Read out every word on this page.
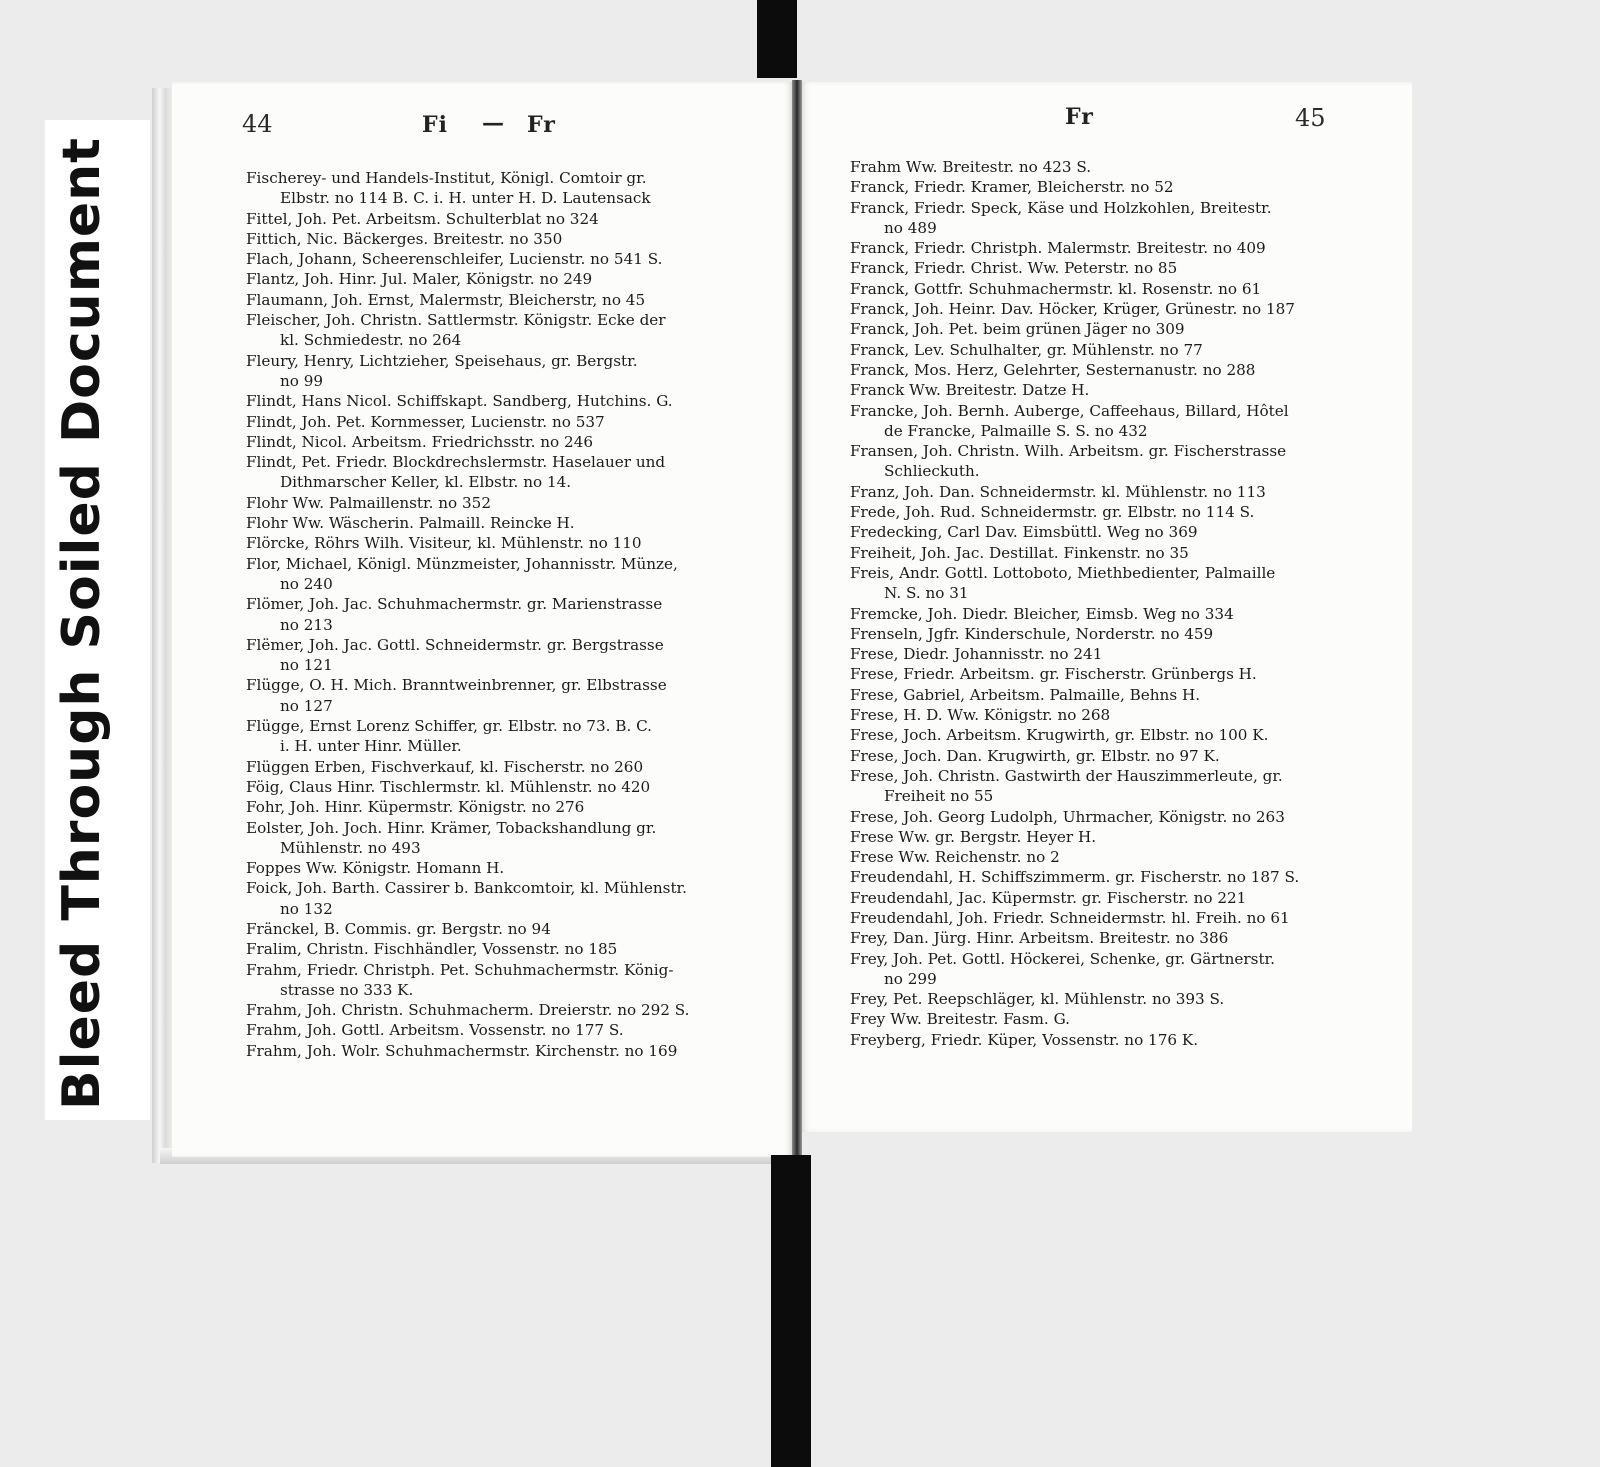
Bleed Through Soiled Document
44	Fi — Fr
Fischerey- und Handels-Institut, Königl. Comtoir gr.
Elbstr. no 114 B. C. i. H. unter H. D. Lautensack
Fittel, Joh. Pet. Arbeitsm. Schulterblat no 324
Fittich, Nic. Bäckerges. Breitestr. no 350
Flach, Johann, Scheerenschleifer, Lucienstr. no 541 S.
Flantz, Joh. Hinr. Jul. Maler, Königstr. no 249
Flaumann, Joh. Ernst, Malermstr, Bleicherstr, no 45
Fleischer, Joh. Christn. Sattlermstr. Königstr. Ecke der
kl. Schmiedestr. no 264
Fleury, Henry, Lichtzieher, Speisehaus, gr. Bergstr.
no 99
Flindt, Hans Nicol. Schiffskapt. Sandberg, Hutchins. G.
Flindt, Joh. Pet. Kornmesser, Lucienstr. no 537
Flindt, Nicol. Arbeitsm. Friedrichsstr. no 246
Flindt, Pet. Friedr. Blockdrechslermstr. Haselauer und
Dithmarscher Keller, kl. Elbstr. no 14.
Flohr Ww. Palmaillenstr. no 352
Flohr Ww. Wäscherin. Palmaill. Reincke H.
Flörcke, Röhrs Wilh. Visiteur, kl. Mühlenstr. no 110
Flor, Michael, Königl. Münzmeister, Johannisstr. Münze,
no 240
Flömer, Joh. Jac. Schuhmachermstr. gr. Marienstrasse
no 213
Flëmer, Joh. Jac. Gottl. Schneidermstr. gr. Bergstrasse
no 121
Flügge, O. H. Mich. Branntweinbrenner, gr. Elbstrasse
no 127
Flügge, Ernst Lorenz Schiffer, gr. Elbstr. no 73. B. C.
i. H. unter Hinr. Müller.
Flüggen Erben, Fischverkauf, kl. Fischerstr. no 260
Föig, Claus Hinr. Tischlermstr. kl. Mühlenstr. no 420
Fohr, Joh. Hinr. Küpermstr. Königstr. no 276
Eolster, Joh. Joch. Hinr. Krämer, Tobackshandlung gr.
Mühlenstr. no 493
Foppes Ww. Königstr. Homann H.
Foick, Joh. Barth. Cassirer b. Bankcomtoir, kl. Mühlenstr.
no 132
Fränckel, B. Commis. gr. Bergstr. no 94
Fralim, Christn. Fischhändler, Vossenstr. no 185
Frahm, Friedr. Christph. Pet. Schuhmachermstr. König-
strasse no 333 K.
Frahm, Joh. Christn. Schuhmacherm. Dreierstr. no 292 S.
Frahm, Joh. Gottl. Arbeitsm. Vossenstr. no 177 S.
Frahm, Joh. Wolr. Schuhmachermstr. Kirchenstr. no 169
Fr	45
Frahm Ww. Breitestr. no 423 S.
Franck, Friedr. Kramer, Bleicherstr. no 52
Franck, Friedr. Speck, Käse und Holzkohlen, Breitestr.
no 489
Franck, Friedr. Christph. Malermstr. Breitestr. no 409
Franck, Friedr. Christ. Ww. Peterstr. no 85
Franck, Gottfr. Schuhmachermstr. kl. Rosenstr. no 61
Franck, Joh. Heinr. Dav. Höcker, Krüger, Grünestr. no 187
Franck, Joh. Pet. beim grünen Jäger no 309
Franck, Lev. Schulhalter, gr. Mühlenstr. no 77
Franck, Mos. Herz, Gelehrter, Sesternanustr. no 288
Franck Ww. Breitestr. Datze H.
Francke, Joh. Bernh. Auberge, Caffeehaus, Billard, Hôtel
de Francke, Palmaille S. S. no 432
Fransen, Joh. Christn. Wilh. Arbeitsm. gr. Fischerstrasse
Schlieckuth.
Franz, Joh. Dan. Schneidermstr. kl. Mühlenstr. no 113
Frede, Joh. Rud. Schneidermstr. gr. Elbstr. no 114 S.
Fredecking, Carl Dav. Eimsbüttl. Weg no 369
Freiheit, Joh. Jac. Destillat. Finkenstr. no 35
Freis, Andr. Gottl. Lottoboto, Miethbedienter, Palmaille
N. S. no 31
Fremcke, Joh. Diedr. Bleicher, Eimsb. Weg no 334
Frenseln, Jgfr. Kinderschule, Norderstr. no 459
Frese, Diedr. Johannisstr. no 241
Frese, Friedr. Arbeitsm. gr. Fischerstr. Grünbergs H.
Frese, Gabriel, Arbeitsm. Palmaille, Behns H.
Frese, H. D. Ww. Königstr. no 268
Frese, Joch. Arbeitsm. Krugwirth, gr. Elbstr. no 100 K.
Frese, Joch. Dan. Krugwirth, gr. Elbstr. no 97 K.
Frese, Joh. Christn. Gastwirth der Hauszimmerleute, gr.
Freiheit no 55
Frese, Joh. Georg Ludolph, Uhrmacher, Königstr. no 263
Frese Ww. gr. Bergstr. Heyer H.
Frese Ww. Reichenstr. no 2
Freudendahl, H. Schiffszimmerm. gr. Fischerstr. no 187 S.
Freudendahl, Jac. Küpermstr. gr. Fischerstr. no 221
Freudendahl, Joh. Friedr. Schneidermstr. hl. Freih. no 61
Frey, Dan. Jürg. Hinr. Arbeitsm. Breitestr. no 386
Frey, Joh. Pet. Gottl. Höckerei, Schenke, gr. Gärtnerstr.
no 299
Frey, Pet. Reepschläger, kl. Mühlenstr. no 393 S.
Frey Ww. Breitestr. Fasm. G.
Freyberg, Friedr. Küper, Vossenstr. no 176 K.
